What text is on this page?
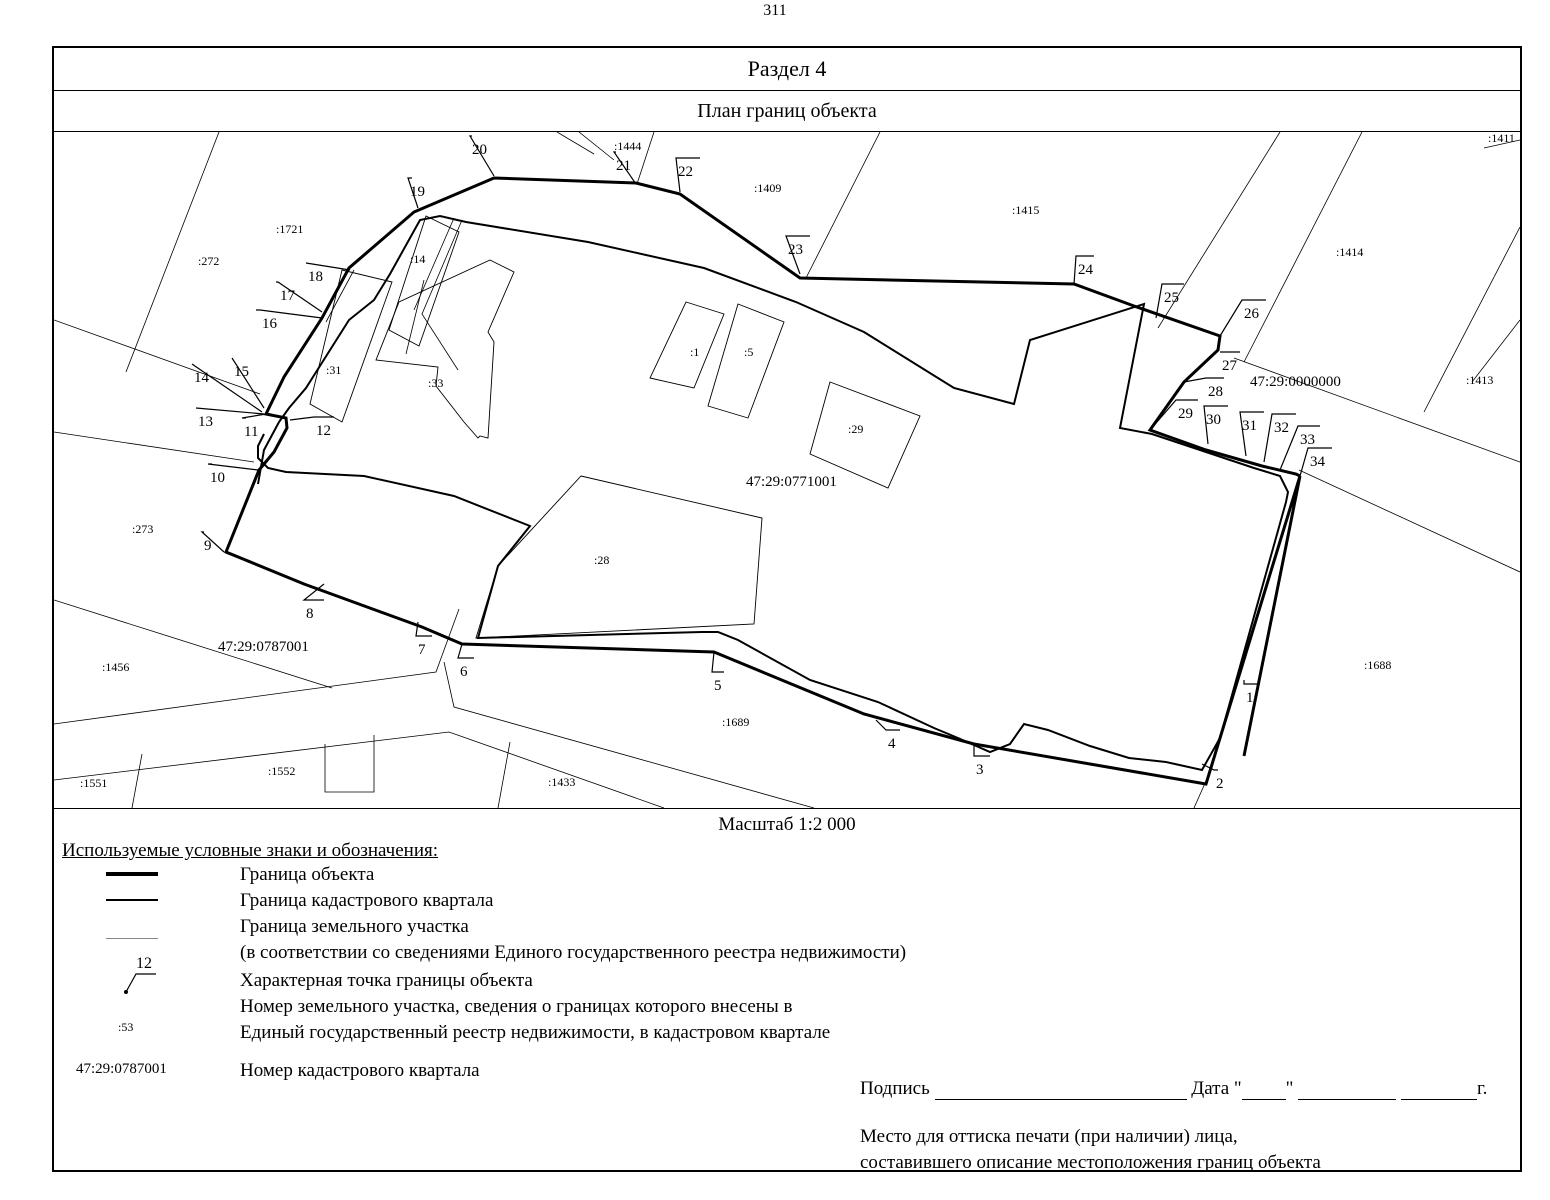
311
Раздел 4
План границ объекта
:1411
:1444
:1409
:1415
:1414
:1413
:1721
:272	:14
:31
:33
:1	:5
:29
:28
:273
:1456	:1688
:1689
:1551
:1552
:1433
47:29:0771001
47:29:0787001
47:29:0000000
1
2
3
4
5
6
7
8
9
10
11	12
13
14 15
16
17
18
19
20
21	22
23
24
25
26
27
28
29 30 31 32
33
34
Масштаб 1:2 000
Используемые условные знаки и обозначения:
Граница объекта
Граница кадастрового квартала
Граница земельного участка
(в соответствии со сведениями Единого государственного реестра недвижимости)
12
Характерная точка границы объекта
:53
Номер земельного участка, сведения о границах которого внесены в
Единый государственный реестр недвижимости, в кадастровом квартале
47:29:0787001	Номер кадастрового квартала
Подпись	Дата " "	г.
Место для оттиска печати (при наличии) лица,
составившего описание местоположения границ объекта
